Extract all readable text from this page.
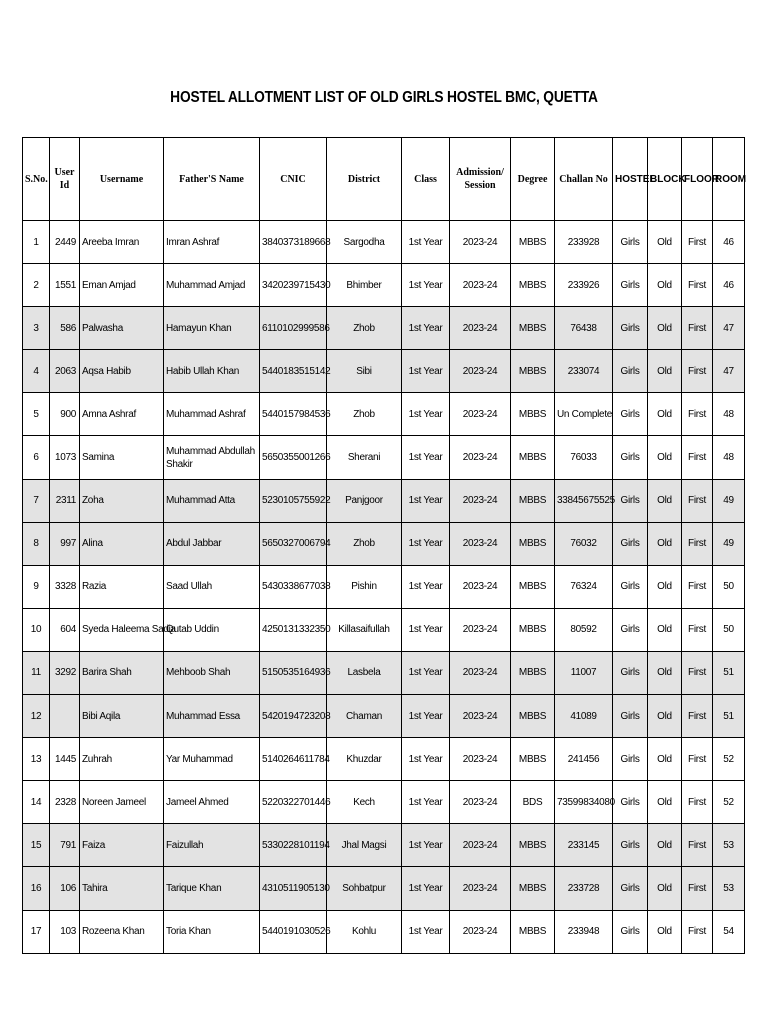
HOSTEL ALLOTMENT LIST OF OLD GIRLS HOSTEL BMC, QUETTA
S.No.	User Id	Username	Father'S Name	CNIC	District	Class	Admission/ Session	Degree	Challan No	HOSTEL	BLOCK	FLOOR	ROOM
1	2449	Areeba Imran	Imran Ashraf	3840373189668	Sargodha	1st Year	2023-24	MBBS	233928	Girls	Old	First	46
2	1551	Eman Amjad	Muhammad Amjad	3420239715430	Bhimber	1st Year	2023-24	MBBS	233926	Girls	Old	First	46
3	586	Palwasha	Hamayun Khan	6110102999586	Zhob	1st Year	2023-24	MBBS	76438	Girls	Old	First	47
4	2063	Aqsa Habib	Habib Ullah Khan	5440183515142	Sibi	1st Year	2023-24	MBBS	233074	Girls	Old	First	47
5	900	Amna Ashraf	Muhammad Ashraf	5440157984536	Zhob	1st Year	2023-24	MBBS	Un Complete	Girls	Old	First	48
6	1073	Samina	Muhammad Abdullah Shakir	5650355001266	Sherani	1st Year	2023-24	MBBS	76033	Girls	Old	First	48
7	2311	Zoha	Muhammad Atta	5230105755922	Panjgoor	1st Year	2023-24	MBBS	33845675525	Girls	Old	First	49
8	997	Alina	Abdul Jabbar	5650327006794	Zhob	1st Year	2023-24	MBBS	76032	Girls	Old	First	49
9	3328	Razia	Saad Ullah	5430338677038	Pishin	1st Year	2023-24	MBBS	76324	Girls	Old	First	50
10	604	Syeda Haleema Sadia	Qutab Uddin	4250131332350	Killasaifullah	1st Year	2023-24	MBBS	80592	Girls	Old	First	50
11	3292	Barira Shah	Mehboob Shah	5150535164936	Lasbela	1st Year	2023-24	MBBS	11007	Girls	Old	First	51
12		Bibi Aqila	Muhammad Essa	5420194723208	Chaman	1st Year	2023-24	MBBS	41089	Girls	Old	First	51
13	1445	Zuhrah	Yar Muhammad	5140264611784	Khuzdar	1st Year	2023-24	MBBS	241456	Girls	Old	First	52
14	2328	Noreen Jameel	Jameel Ahmed	5220322701446	Kech	1st Year	2023-24	BDS	73599834080	Girls	Old	First	52
15	791	Faiza	Faizullah	5330228101194	Jhal Magsi	1st Year	2023-24	MBBS	233145	Girls	Old	First	53
16	106	Tahira	Tarique Khan	4310511905130	Sohbatpur	1st Year	2023-24	MBBS	233728	Girls	Old	First	53
17	103	Rozeena Khan	Toria Khan	5440191030526	Kohlu	1st Year	2023-24	MBBS	233948	Girls	Old	First	54
